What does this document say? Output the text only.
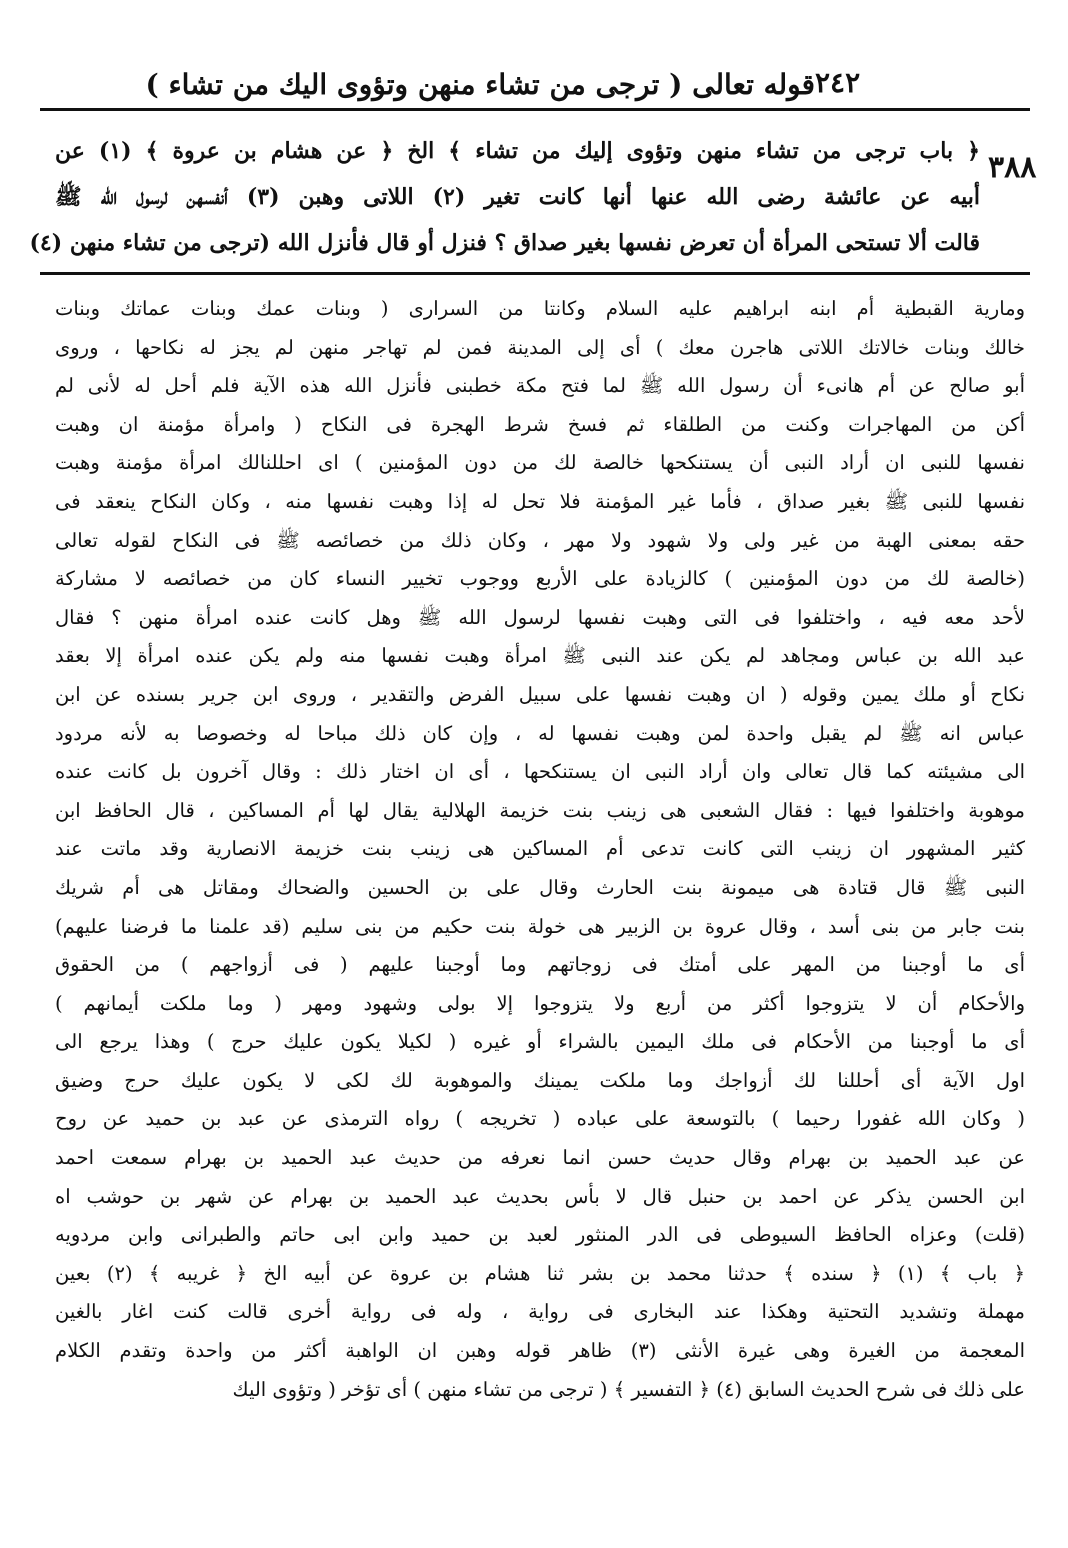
٢٤٢
قوله تعالى ( ترجى من تشاء منهن وتؤوى اليك من تشاء )
٣٨٨
﴿ باب ترجى من تشاء منهن وتؤوى إليك من تشاء ﴾ الخ ﴿ عن هشام بن عروة ﴾ (١) عن
أبيه عن عائشة رضى الله عنها أنها كانت تغير (٢) اللاتى وهبن (٣) أنفسهن لرسول الله ﷺ
قالت ألا تستحى المرأة أن تعرض نفسها بغير صداق ؟ فنزل أو قال فأنزل الله (ترجى من تشاء منهن (٤)
ومارية القبطية أم ابنه ابراهيم عليه السلام وكانتا من السرارى ( وبنات عمك وبنات عماتك وبنات
خالك وبنات خالاتك اللاتى هاجرن معك ) أى إلى المدينة فمن لم تهاجر منهن لم يجز له نكاحها ، وروى
أبو صالح عن أم هانىء أن رسول الله ﷺ لما فتح مكة خطبنى فأنزل الله هذه الآية فلم أحل له لأنى لم
أكن من المهاجرات وكنت من الطلقاء ثم فسخ شرط الهجرة فى النكاح ( وامرأة مؤمنة ان وهبت
نفسها للنبى ان أراد النبى أن يستنكحها خالصة لك من دون المؤمنين ) اى احللنالك امرأة مؤمنة وهبت
نفسها للنبى ﷺ بغير صداق ، فأما غير المؤمنة فلا تحل له إذا وهبت نفسها منه ، وكان النكاح ينعقد فى
حقه بمعنى الهبة من غير ولى ولا شهود ولا مهر ، وكان ذلك من خصائصه ﷺ فى النكاح لقوله تعالى
(خالصة لك من دون المؤمنين ) كالزيادة على الأربع ووجوب تخيير النساء كان من خصائصه لا مشاركة
لأحد معه فيه ، واختلفوا فى التى وهبت نفسها لرسول الله ﷺ وهل كانت عنده امرأة منهن ؟ فقال
عبد الله بن عباس ومجاهد لم يكن عند النبى ﷺ امرأة وهبت نفسها منه ولم يكن عنده امرأة إلا بعقد
نكاح أو ملك يمين وقوله ( ان وهبت نفسها على سبيل الفرض والتقدير ، وروى ابن جرير بسنده عن ابن
عباس انه ﷺ لم يقبل واحدة لمن وهبت نفسها له ، وإن كان ذلك مباحا له وخصوصا به لأنه مردود
الى مشيئته كما قال تعالى وان أراد النبى ان يستنكحها ، أى ان اختار ذلك : وقال آخرون بل كانت عنده
موهوبة واختلفوا فيها : فقال الشعبى هى زينب بنت خزيمة الهلالية يقال لها أم المساكين ، قال الحافظ ابن
كثير المشهور ان زينب التى كانت تدعى أم المساكين هى زينب بنت خزيمة الانصارية وقد ماتت عند
النبى ﷺ قال قتادة هى ميمونة بنت الحارث وقال على بن الحسين والضحاك ومقاتل هى أم شريك
بنت جابر من بنى أسد ، وقال عروة بن الزبير هى خولة بنت حكيم من بنى سليم (قد علمنا ما فرضنا عليهم)
أى ما أوجبنا من المهر على أمتك فى زوجاتهم وما أوجبنا عليهم ( فى أزواجهم ) من الحقوق
والأحكام أن لا يتزوجوا أكثر من أربع ولا يتزوجوا إلا بولى وشهود ومهر ( وما ملكت أيمانهم )
أى ما أوجبنا من الأحكام فى ملك اليمين بالشراء أو غيره ( لكيلا يكون عليك حرج ) وهذا يرجع الى
اول الآية أى أحللنا لك أزواجك وما ملكت يمينك والموهوبة لك لكى لا يكون عليك حرج وضيق
( وكان الله غفورا رحيما ) بالتوسعة على عباده ( تخريجه ) رواه الترمذى عن عبد بن حميد عن روح
عن عبد الحميد بن بهرام وقال حديث حسن انما نعرفه من حديث عبد الحميد بن بهرام سمعت احمد
ابن الحسن يذكر عن احمد بن حنبل قال لا بأس بحديث عبد الحميد بن بهرام عن شهر بن حوشب اه
(قلت) وعزاه الحافظ السيوطى فى الدر المنثور لعبد بن حميد وابن ابى حاتم والطبرانى وابن مردويه
﴿ باب ﴾ (١) ﴿ سنده ﴾ حدثنا محمد بن بشر ثنا هشام بن عروة عن أبيه الخ ﴿ غريبه ﴾ (٢) بعين
مهملة وتشديد التحتية وهكذا عند البخارى فى رواية ، وله فى رواية أخرى قالت كنت اغار بالغين
المعجمة من الغيرة وهى غيرة الأنثى (٣) ظاهر قوله وهبن ان الواهبة أكثر من واحدة وتقدم الكلام
على ذلك فى شرح الحديث السابق (٤) ﴿ التفسير ﴾ ( ترجى من تشاء منهن ) أى تؤخر ( وتؤوى اليك
